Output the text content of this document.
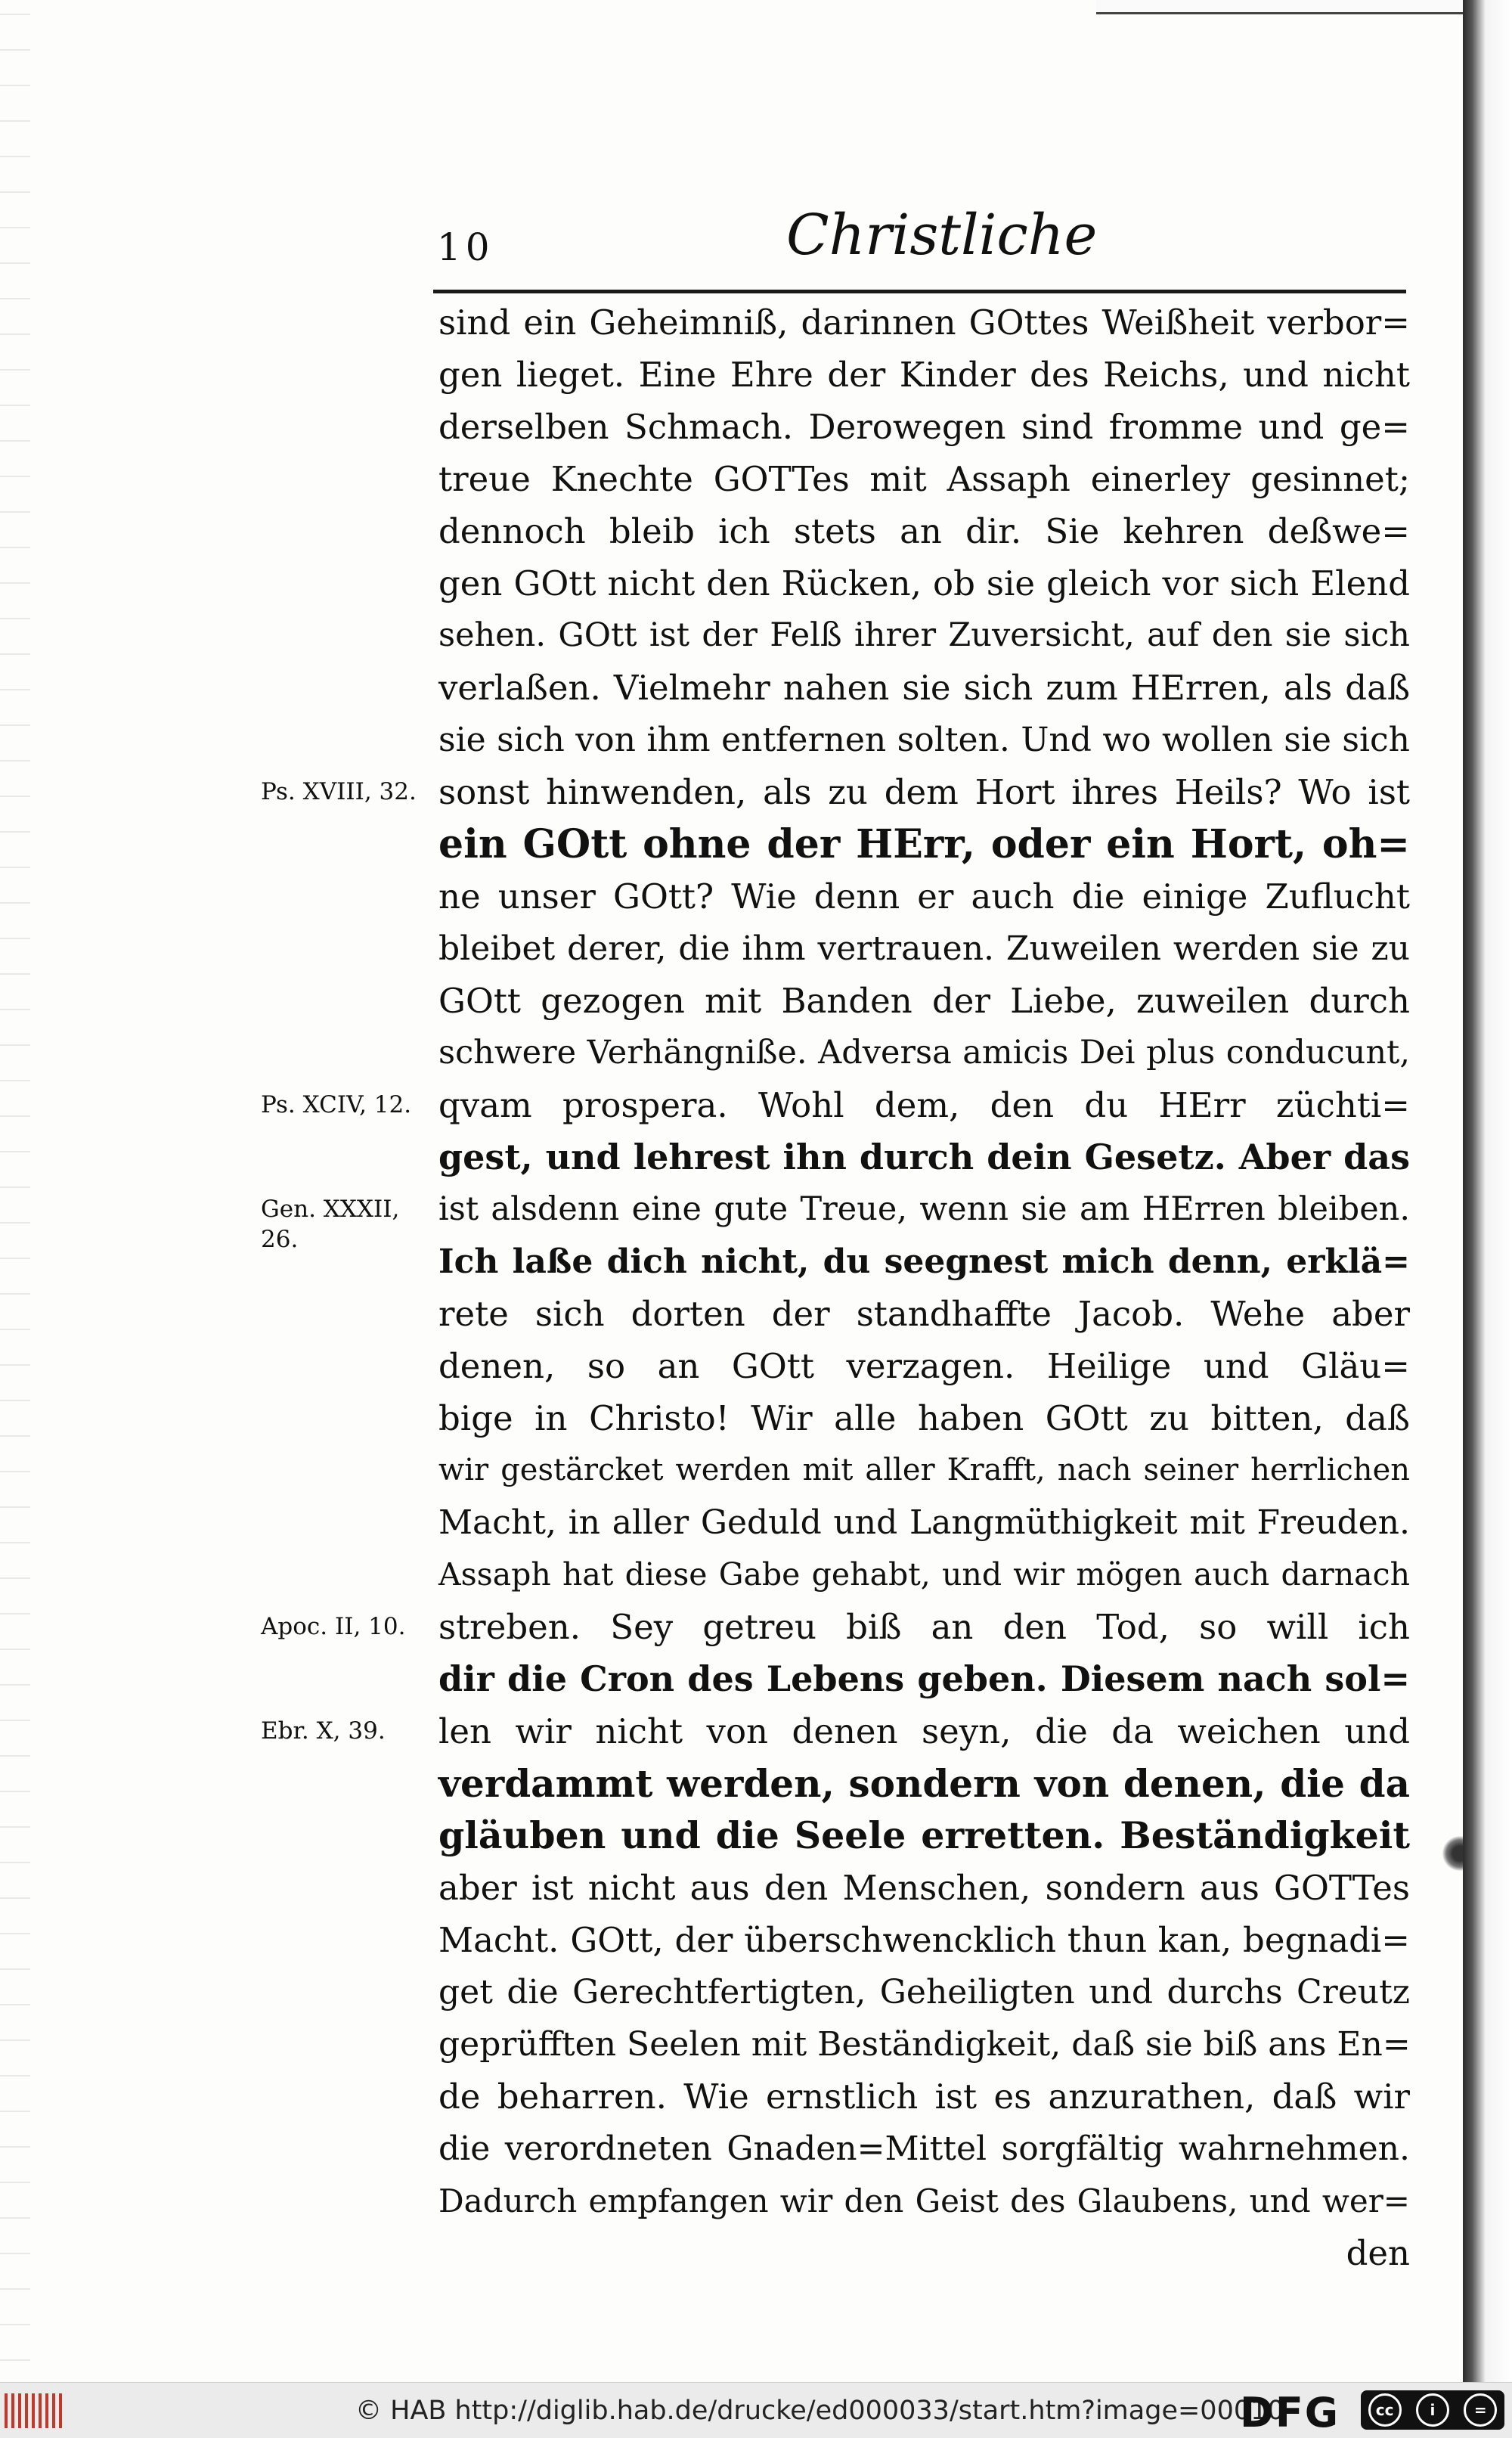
10	Christliche
sind ein Geheimniß, darinnen GOttes Weißheit verbor=
gen lieget. Eine Ehre der Kinder des Reichs, und nicht
derselben Schmach. Derowegen sind fromme und ge=
treue Knechte GOTTes mit Assaph einerley gesinnet;
dennoch bleib ich stets an dir. Sie kehren deßwe=
gen GOtt nicht den Rücken, ob sie gleich vor sich Elend
sehen. GOtt ist der Felß ihrer Zuversicht, auf den sie sich
verlaßen. Vielmehr nahen sie sich zum HErren, als daß
sie sich von ihm entfernen solten. Und wo wollen sie sich
sonst hinwenden, als zu dem Hort ihres Heils? Wo ist
ein GOtt ohne der HErr, oder ein Hort, oh=
ne unser GOtt? Wie denn er auch die einige Zuflucht
bleibet derer, die ihm vertrauen. Zuweilen werden sie zu
GOtt gezogen mit Banden der Liebe, zuweilen durch
schwere Verhängniße. Adversa amicis Dei plus conducunt,
qvam prospera. Wohl dem, den du HErr züchti=
gest, und lehrest ihn durch dein Gesetz. Aber das
ist alsdenn eine gute Treue, wenn sie am HErren bleiben.
Ich laße dich nicht, du seegnest mich denn, erklä=
rete sich dorten der standhaffte Jacob. Wehe aber
denen, so an GOtt verzagen. Heilige und Gläu=
bige in Christo! Wir alle haben GOtt zu bitten, daß
wir gestärcket werden mit aller Krafft, nach seiner herrlichen
Macht, in aller Geduld und Langmüthigkeit mit Freuden.
Assaph hat diese Gabe gehabt, und wir mögen auch darnach
streben. Sey getreu biß an den Tod, so will ich
dir die Cron des Lebens geben. Diesem nach sol=
len wir nicht von denen seyn, die da weichen und
verdammt werden, sondern von denen, die da
gläuben und die Seele erretten. Beständigkeit
aber ist nicht aus den Menschen, sondern aus GOTTes
Macht. GOtt, der überschwencklich thun kan, begnadi=
get die Gerechtfertigten, Geheiligten und durchs Creutz
geprüfften Seelen mit Beständigkeit, daß sie biß ans En=
de beharren. Wie ernstlich ist es anzurathen, daß wir
die verordneten Gnaden=Mittel sorgfältig wahrnehmen.
Dadurch empfangen wir den Geist des Glaubens, und wer=
den
Ps. XVIII, 32.
Ps. XCIV, 12.
Gen. XXXII, 26.
Apoc. II, 10.
Ebr. X, 39.
© HAB http://diglib.hab.de/drucke/ed000033/start.htm?image=00010
DFG	cc	i	=
